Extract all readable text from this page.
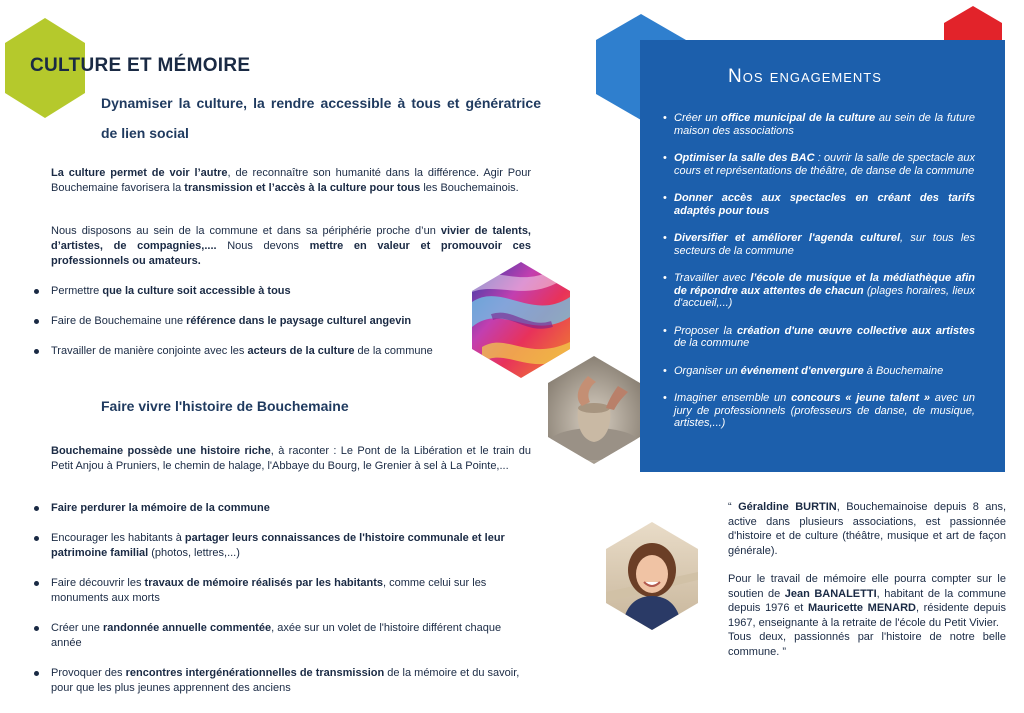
CULTURE ET MÉMOIRE
Dynamiser la culture, la rendre accessible à tous et génératrice de lien social
La culture permet de voir l’autre, de reconnaître son humanité dans la différence. Agir Pour Bouchemaine favorisera la transmission et l’accès à la culture pour tous les Bouchemainois.
Nous disposons au sein de la commune et dans sa périphérie proche d’un vivier de talents, d’artistes, de compagnies,.... Nous devons mettre en valeur et promouvoir ces professionnels ou amateurs.
Permettre que la culture soit accessible à tous
Faire de Bouchemaine une référence dans le paysage culturel angevin
Travailler de manière conjointe avec les acteurs de la culture de la commune
Faire vivre l'histoire de Bouchemaine
Bouchemaine possède une histoire riche, à raconter : Le Pont de la Libération et le train du Petit Anjou à Pruniers, le chemin de halage, l'Abbaye du Bourg, le Grenier à sel à La Pointe,...
Faire perdurer la mémoire de la commune
Encourager les habitants à partager leurs connaissances de l'histoire communale et leur patrimoine familial (photos, lettres,...)
Faire découvrir les travaux de mémoire réalisés par les habitants, comme celui sur les monuments aux morts
Créer une randonnée annuelle commentée, axée sur un volet de l'histoire différent chaque année
Provoquer des rencontres intergénérationnelles de transmission de la mémoire et du savoir, pour que les plus jeunes apprennent des anciens
Nos engagements
• Créer un office municipal de la culture au sein de la future maison des associations
• Optimiser la salle des BAC : ouvrir la salle de spectacle aux cours et représentations de théâtre, de danse de la commune
• Donner accès aux spectacles en créant des tarifs adaptés pour tous
• Diversifier et améliorer l'agenda culturel, sur tous les secteurs de la commune
• Travailler avec l’école de musique et la médiathèque afin de répondre aux attentes de chacun (plages horaires, lieux d'accueil,...)
• Proposer la création d'une œuvre collective aux artistes de la commune
• Organiser un événement d'envergure à Bouchemaine
• Imaginer ensemble un concours « jeune talent » avec un jury de professionnels (professeurs de danse, de musique, artistes,...)

“ Géraldine BURTIN, Bouchemainoise depuis 8 ans, active dans plusieurs associations, est passionnée d'histoire et de culture (théâtre, musique et art de façon générale).

Pour le travail de mémoire elle pourra compter sur le soutien de Jean BANALETTI, habitant de la commune depuis 1976 et Mauricette MENARD, résidente depuis 1967, enseignante à la retraite de l'école du Petit Vivier.

Tous deux, passionnés par l'histoire de notre belle commune. ”
